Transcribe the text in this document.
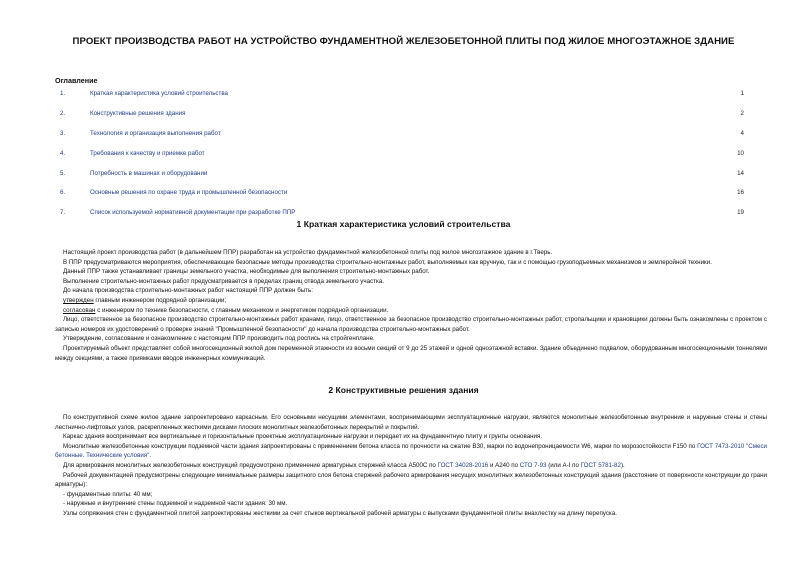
ПРОЕКТ ПРОИЗВОДСТВА РАБОТ НА УСТРОЙСТВО ФУНДАМЕНТНОЙ ЖЕЛЕЗОБЕТОННОЙ ПЛИТЫ ПОД ЖИЛОЕ МНОГОЭТАЖНОЕ ЗДАНИЕ
Оглавление
1.	Краткая характеристика условий строительства	1
2.	Конструктивные решения здания	2
3.	Технология и организация выполнения работ	4
4.	Требования к качеству и приемке работ	10
5.	Потребность в машинах и оборудовании	14
6.	Основные решения по охране труда и промышленной безопасности	16
7.	Список используемой нормативной документации при разработке ППР	19
1 Краткая характеристика условий строительства

Настоящий проект производства работ (в дальнейшем ППР) разработан на устройство фундаментной железобетонной плиты под жилое многоэтажное здание в г.Тверь.

В ППР предусматриваются мероприятия, обеспечивающие безопасные методы производства строительно-монтажных работ, выполняемых как вручную, так и с помощью грузоподъемных механизмов и землеройной техники.

Данный ППР также устанавливает границы земельного участка, необходимые для выполнения строительно-монтажных работ.

Выполнение строительно-монтажных работ предусматривается в пределах границ отвода земельного участка.

До начала производства строительно-монтажных работ настоящий ППР должен быть:

утвержден главным инженером подрядной организации;

согласован с инженером по технике безопасности, с главным механиком и энергетиком подрядной организации.

Лицо, ответственное за безопасное производство строительно-монтажных работ кранами, лицо, ответственное за безопасное производство строительно-монтажных работ, стропальщики и крановщики должны быть ознакомлены с проектом с записью номеров их удостоверений о проверке знаний "Промышленной безопасности" до начала производства строительно-монтажных работ.

Утверждение, согласование и ознакомление с настоящим ППР производить под роспись на стройгенплане.

Проектируемый объект представляет собой многосекционный жилой дом переменной этажности из восьми секций от 9 до 25 этажей и одной одноэтажной вставки. Здание объединено подвалом, оборудованным многосекционными тоннелями между секциями, а также приямками вводов инженерных коммуникаций.

2 Конструктивные решения здания

По конструктивной схеме жилое здание запроектировано каркасным. Его основными несущими элементами, воспринимающими эксплуатационные нагрузки, являются монолитные железобетонные внутренние и наружные стены и стены лестнично-лифтовых узлов, раскрепленных жесткими дисками плоских монолитных железобетонных перекрытий и покрытий.

Каркас здания воспринимает все вертикальные и горизонтальные проектные эксплуатационные нагрузки и передает их на фундаментную плиту и грунты основания.

Монолитные железобетонные конструкции подземной части здания запроектированы с применением бетона класса по прочности на сжатие В30, марки по водонепроницаемости W6, марки по морозостойкости F150 по ГОСТ 7473-2010 "Смеси бетонные. Технические условия".

Для армирования монолитных железобетонных конструкций предусмотрено применение арматурных стержней класса А500С по ГОСТ 34028-2016 и А240 по СТО 7-93 (или А-I по ГОСТ 5781-82).

Рабочей документацией предусмотрены следующие минимальные размеры защитного слоя бетона стержней рабочего армирования несущих монолитных железобетонных конструкций здания (расстояние от поверхности конструкции до грани арматуры):

- фундаментные плиты: 40 мм;

- наружные и внутренние стены подземной и надземной части здания: 30 мм.

Узлы сопряжения стен с фундаментной плитой запроектированы жесткими за счет стыков вертикальной рабочей арматуры с выпусками фундаментной плиты внахлестку на длину перепуска.
